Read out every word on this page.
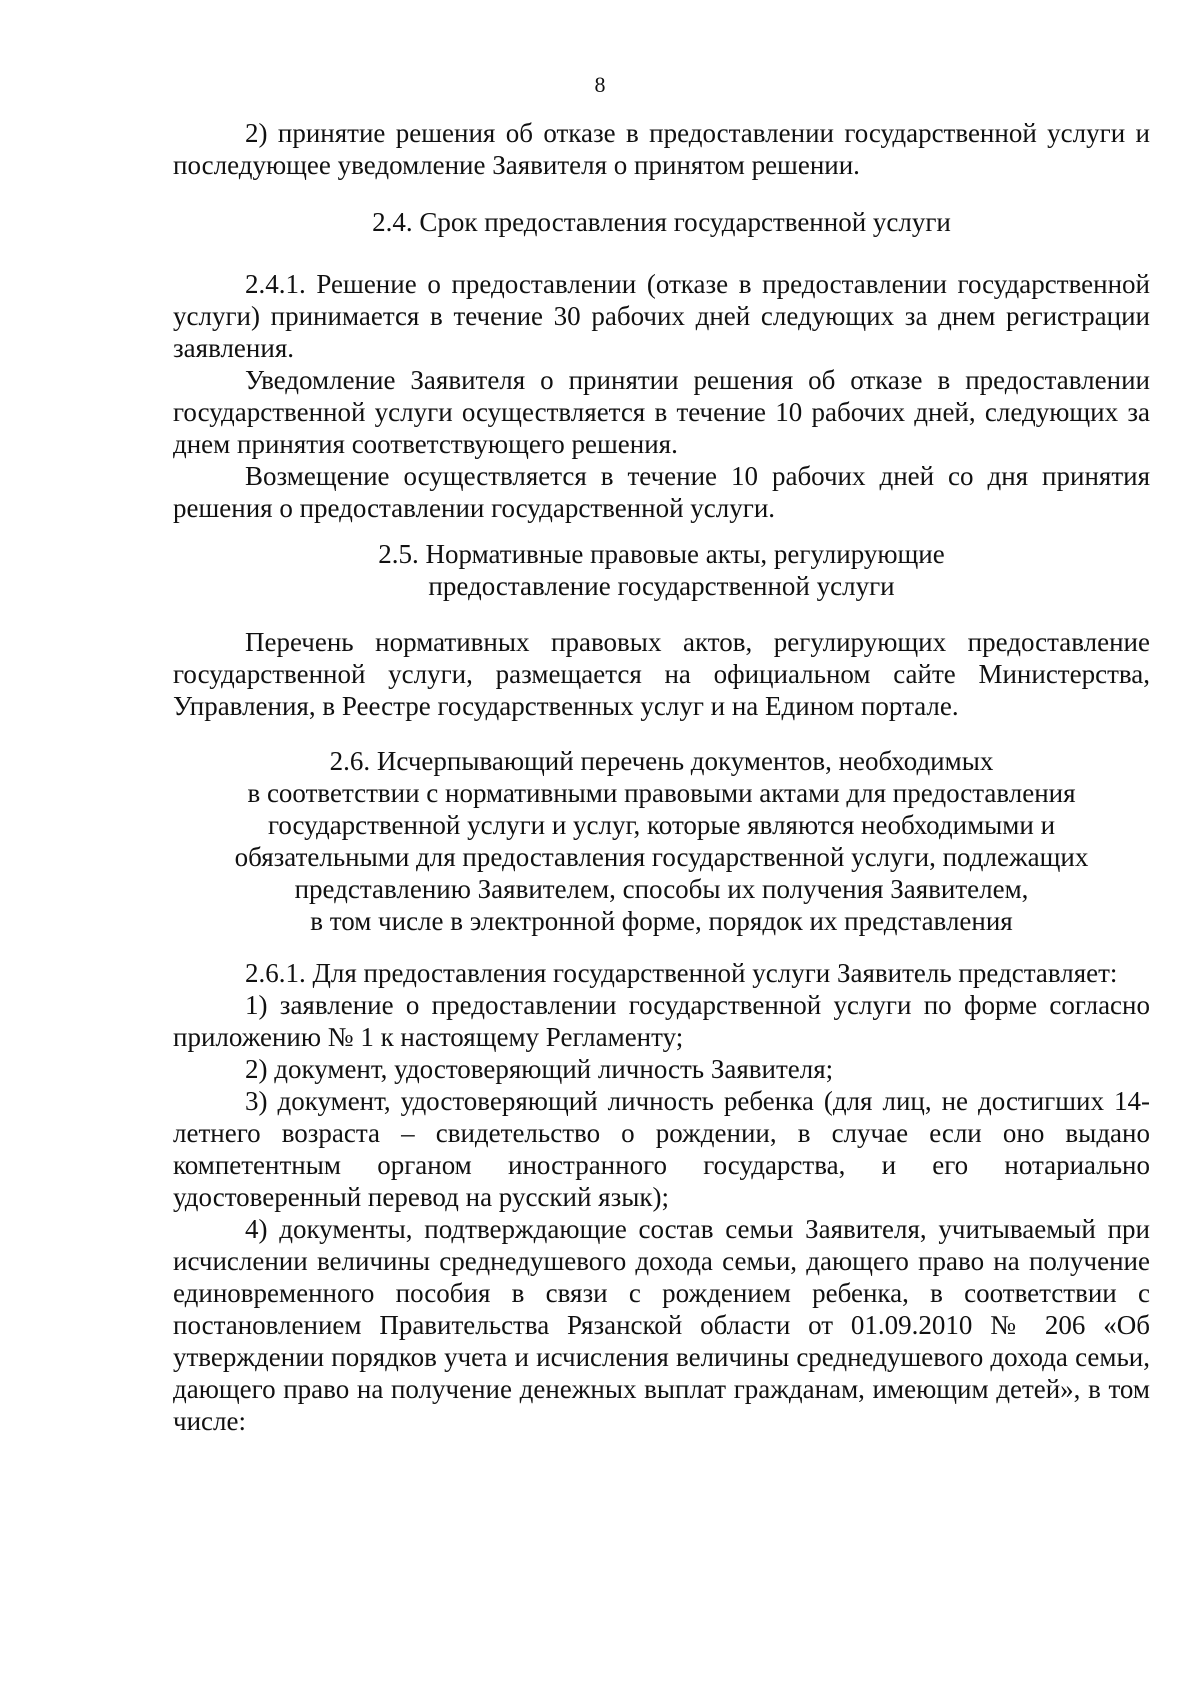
8

2) принятие решения об отказе в предоставлении государственной услуги и последующее уведомление Заявителя о принятом решении.

2.4. Срок предоставления государственной услуги

2.4.1. Решение о предоставлении (отказе в предоставлении государственной услуги) принимается в течение 30 рабочих дней следующих за днем регистрации заявления.

Уведомление Заявителя о принятии решения об отказе в предоставлении государственной услуги осуществляется в течение 10 рабочих дней, следующих за днем принятия соответствующего решения.

Возмещение осуществляется в течение 10 рабочих дней со дня принятия решения о предоставлении государственной услуги.

2.5. Нормативные правовые акты, регулирующие

предоставление государственной услуги

Перечень нормативных правовых актов, регулирующих предоставление государственной услуги, размещается на официальном сайте Министерства, Управления, в Реестре государственных услуг и на Едином портале.

2.6. Исчерпывающий перечень документов, необходимых

в соответствии с нормативными правовыми актами для предоставления

государственной услуги и услуг, которые являются необходимыми и

обязательными для предоставления государственной услуги, подлежащих

представлению Заявителем, способы их получения Заявителем,

в том числе в электронной форме, порядок их представления

2.6.1. Для предоставления государственной услуги Заявитель представляет:

1) заявление о предоставлении государственной услуги по форме согласно приложению № 1 к настоящему Регламенту;

2) документ, удостоверяющий личность Заявителя;

3) документ, удостоверяющий личность ребенка (для лиц, не достигших 14-летнего возраста – свидетельство о рождении, в случае если оно выдано компетентным органом иностранного государства, и его нотариально удостоверенный перевод на русский язык);

4) документы, подтверждающие состав семьи Заявителя, учитываемый при исчислении величины среднедушевого дохода семьи, дающего право на получение единовременного пособия в связи с рождением ребенка, в соответствии с постановлением Правительства Рязанской области от 01.09.2010 № 206 «Об утверждении порядков учета и исчисления величины среднедушевого дохода семьи, дающего право на получение денежных выплат гражданам, имеющим детей», в том числе:
